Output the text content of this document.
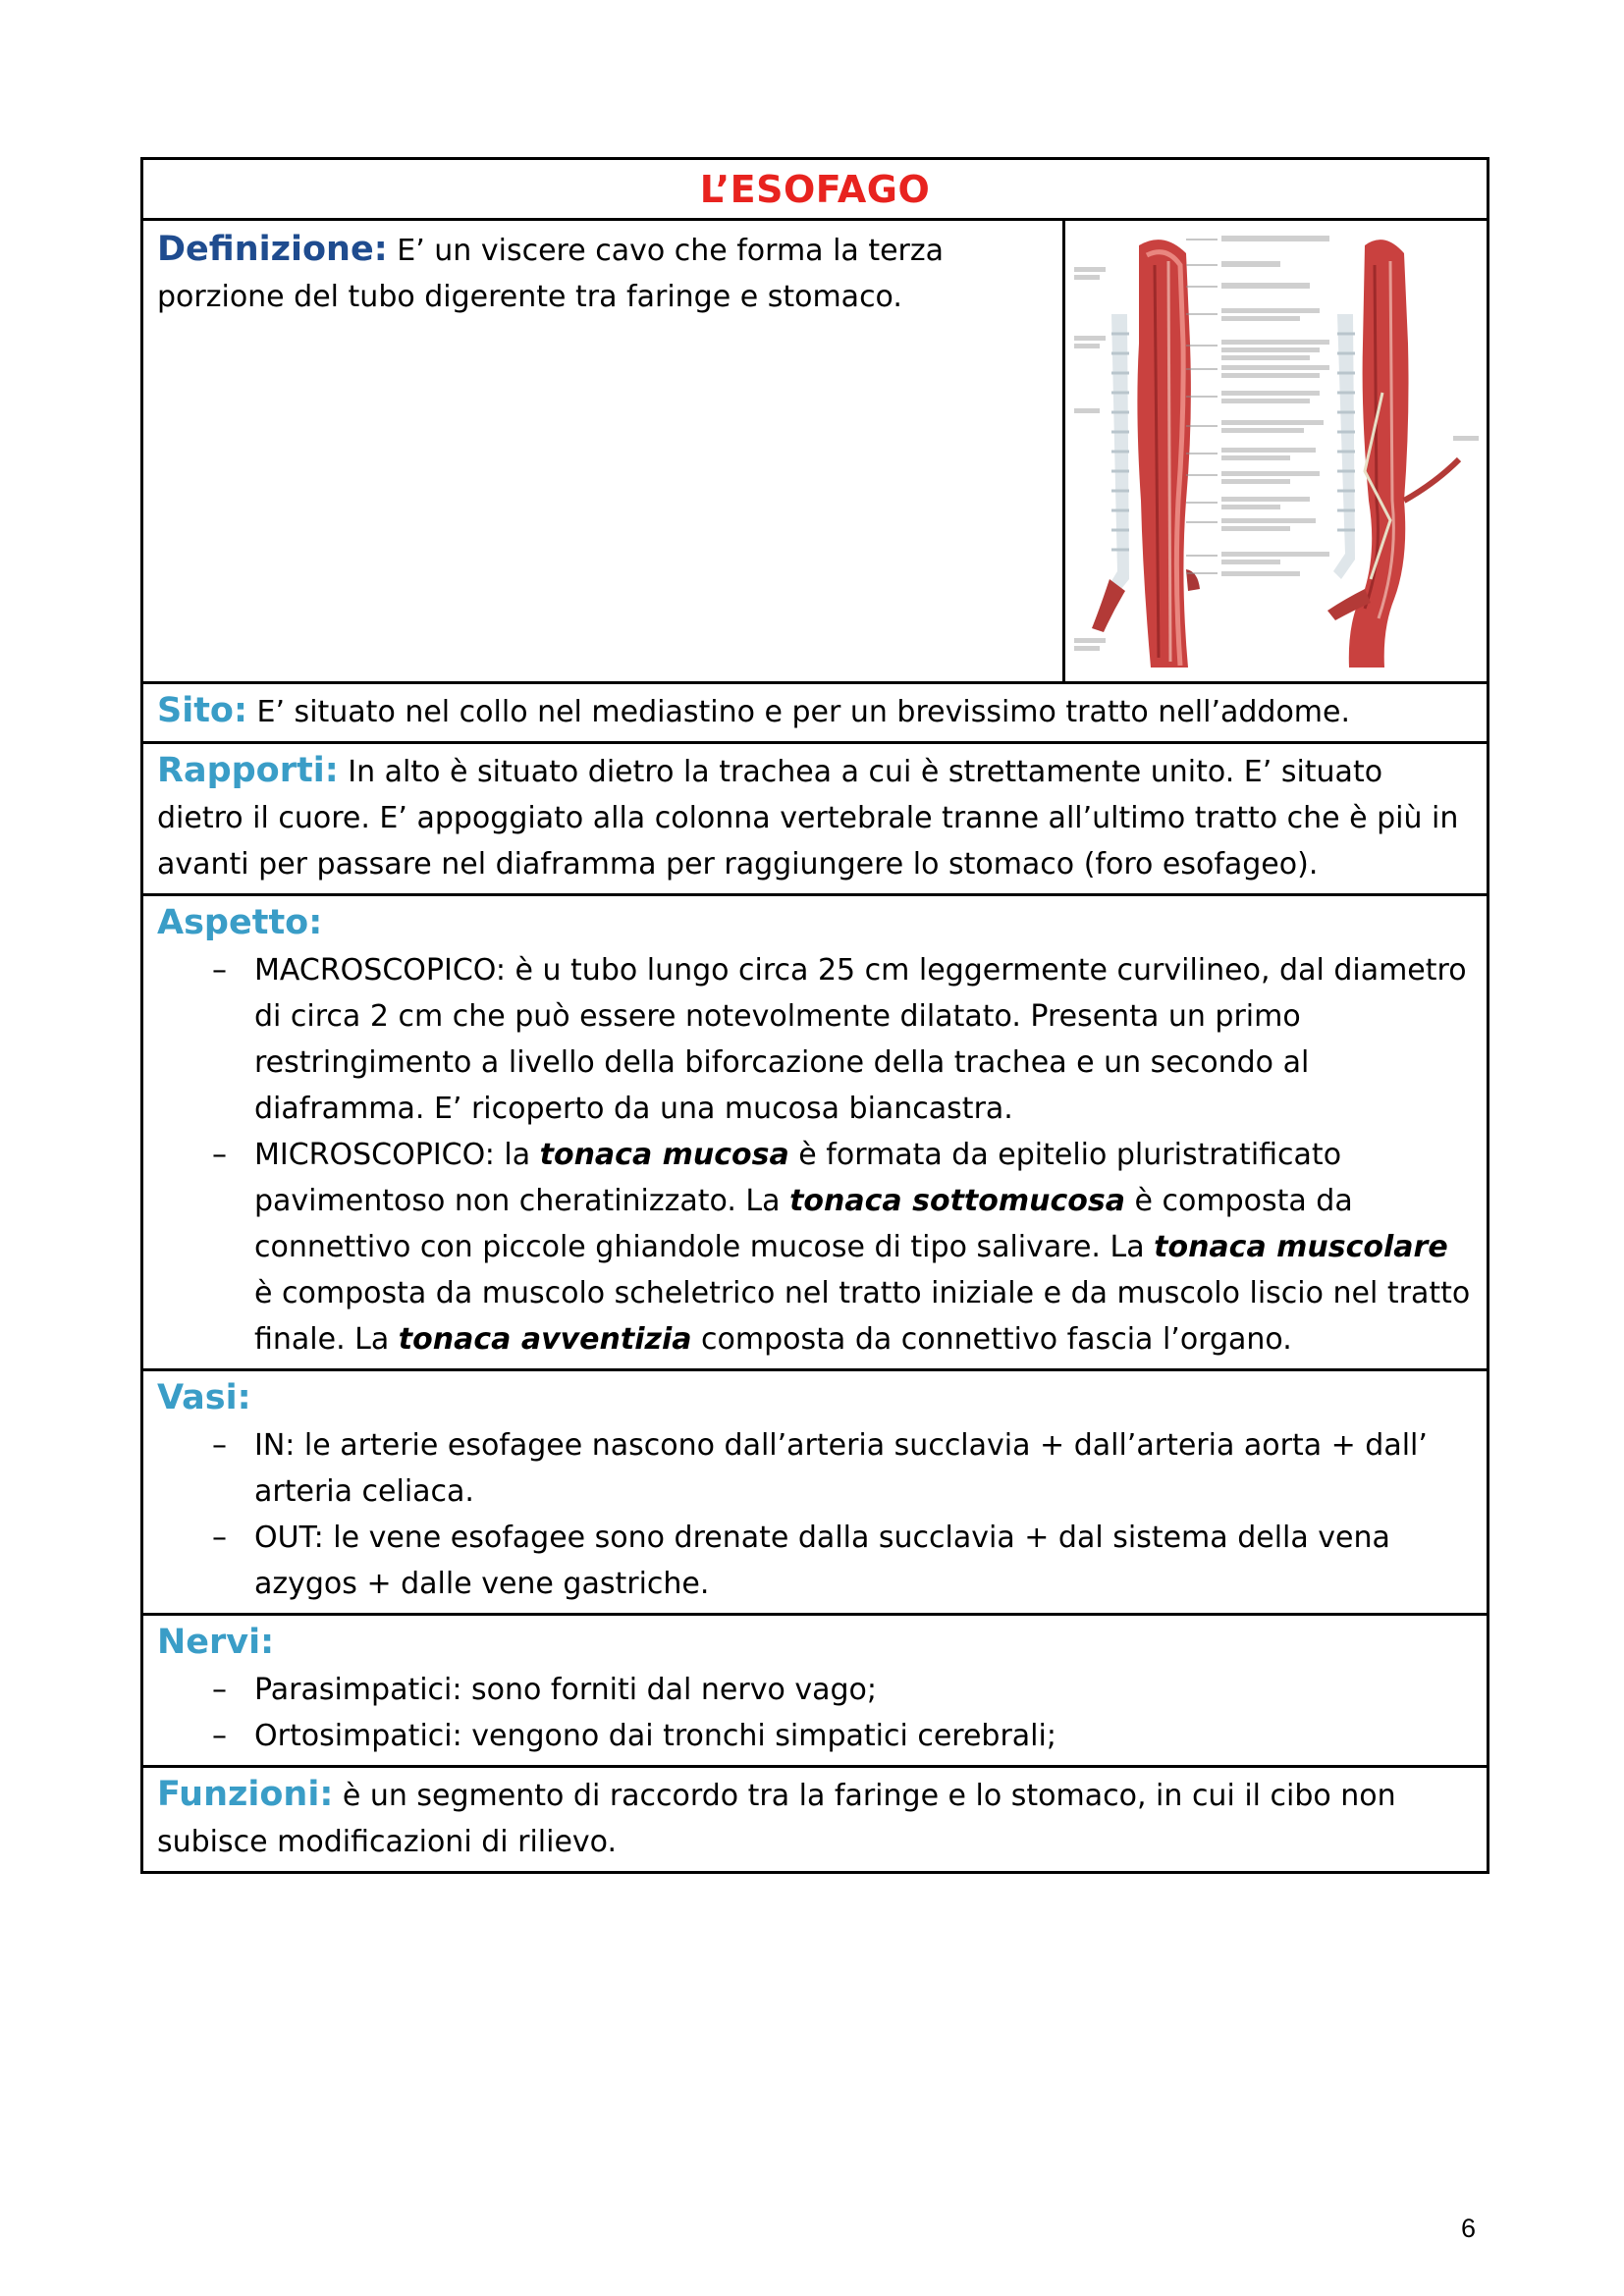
L’ESOFAGO

Definizione: E’ un viscere cavo che forma la terza porzione del tubo digerente tra faringe e stomaco.

Sito: E’ situato nel collo nel mediastino e per un brevissimo tratto nell’addome.

Rapporti: In alto è situato dietro la trachea a cui è strettamente unito. E’ situato dietro il cuore. E’ appoggiato alla colonna vertebrale tranne all’ultimo tratto che è più in avanti per passare nel diaframma per raggiungere lo stomaco (foro esofageo).

Aspetto:

– MACROSCOPICO: è u tubo lungo circa 25 cm leggermente curvilineo, dal diametro di circa 2 cm che può essere notevolmente dilatato. Presenta un primo restringimento a livello della biforcazione della trachea e un secondo al diaframma. E’ ricoperto da una mucosa biancastra.
– MICROSCOPICO: la tonaca mucosa è formata da epitelio pluristratificato pavimentoso non cheratinizzato. La tonaca sottomucosa è composta da connettivo con piccole ghiandole mucose di tipo salivare. La tonaca muscolare è composta da muscolo scheletrico nel tratto iniziale e da muscolo liscio nel tratto finale. La tonaca avventizia composta da connettivo fascia l’organo.

Vasi:

– IN: le arterie esofagee nascono dall’arteria succlavia + dall’arteria aorta + dall’ arteria celiaca.
– OUT: le vene esofagee sono drenate dalla succlavia + dal sistema della vena azygos + dalle vene gastriche.

Nervi:

– Parasimpatici: sono forniti dal nervo vago;
– Ortosimpatici: vengono dai tronchi simpatici cerebrali;

Funzioni: è un segmento di raccordo tra la faringe e lo stomaco, in cui il cibo non subisce modificazioni di rilievo.

6
